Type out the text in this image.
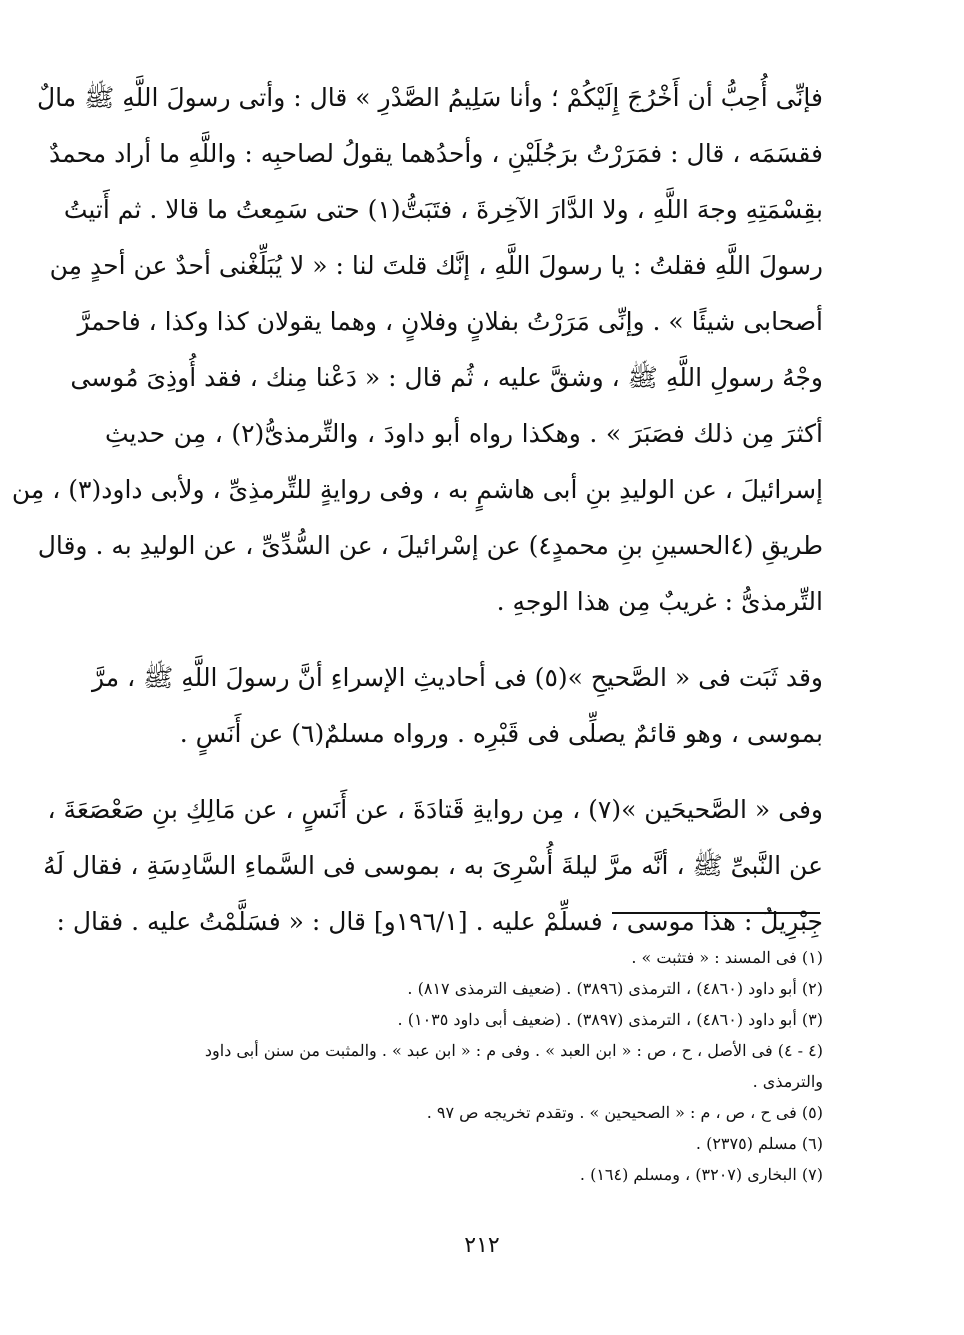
فإنِّى أُحِبُّ أن أَخْرُجَ إِلَيْكُمْ ؛ وأنا سَلِيمُ الصَّدْرِ » قال : وأتى رسولَ اللَّهِ ﷺ مالٌ
فقسَمَه ، قال : فمَرَرْتُ برَجُلَيْنِ ، وأحدُهما يقولُ لصاحبِه : واللَّهِ ما أراد محمدٌ
بقِسْمَتِهِ وجهَ اللَّهِ ، ولا الدَّارَ الآخِرةَ ، فتَبَتُّ(١) حتى سَمِعتُ ما قالا . ثم أَتيتُ
رسولَ اللَّهِ فقلتُ : يا رسولَ اللَّهِ ، إنَّك قلتَ لنا : « لا يُبَلِّغْنى أحدٌ عن أحدٍ مِن
أصحابى شيئًا » . وإنِّى مَرَرْتُ بفلانٍ وفلانٍ ، وهما يقولان كذا وكذا ، فاحمرَّ
وجْهُ رسولِ اللَّهِ ﷺ ، وشقَّ عليه ، ثُم قال : « دَعْنا مِنك ، فقد أُوذِىَ مُوسى
أكثرَ مِن ذلك فصَبَرَ » . وهكذا رواه أبو داودَ ، والتِّرمذىُّ(٢) ، مِن حديثِ
إسرائيلَ ، عن الوليدِ بنِ أبى هاشمٍ به ، وفى روايةٍ للتِّرمذِىِّ ، ولأبى داود(٣) ، مِن
طريقِ (٤الحسينِ بنِ محمدٍ٤) عن إسْرائيلَ ، عن السُّدِّىِّ ، عن الوليدِ به . وقال
التِّرمذىُّ : غريبٌ مِن هذا الوجهِ .
وقد ثَبَت فى « الصَّحيحِ »(٥) فى أحاديثِ الإسراءِ أنَّ رسولَ اللَّهِ ﷺ ، مرَّ
بموسى ، وهو قائمٌ يصلِّى فى قَبْرِه . ورواه مسلمٌ(٦) عن أَنَسٍ .
وفى « الصَّحيحَين »(٧) ، مِن روايةِ قَتادَةَ ، عن أَنَسٍ ، عن مَالِكِ بنِ صَعْصَعَةَ ،
عن النَّبىِّ ﷺ ، أنَّه مرَّ ليلةَ أُسْرِىَ به ، بموسى فى السَّماءِ السَّادِسَةِ ، فقال لَهُ
جِبْرِيلُ : هذا موسى ، فسلِّمْ عليه . [١٩٦/١و] قال : « فسَلَّمْتُ عليه . فقال :
(١) فى المسند : « فتثبت » .
(٢) أبو داود (٤٨٦٠) ، الترمذى (٣٨٩٦) . (ضعيف الترمذى ٨١٧) .
(٣) أبو داود (٤٨٦٠) ، الترمذى (٣٨٩٧) . (ضعيف أبى داود ١٠٣٥) .
(٤ - ٤) فى الأصل ، ح ، ص : « ابن العبد » . وفى م : « ابن عبد » . والمثبت من سنن أبى داود
والترمذى .
(٥) فى ح ، ص ، م : « الصحيحين » . وتقدم تخريجه ص ٩٧ .
(٦) مسلم (٢٣٧٥) .
(٧) البخارى (٣٢٠٧) ، ومسلم (١٦٤) .
٢١٢
